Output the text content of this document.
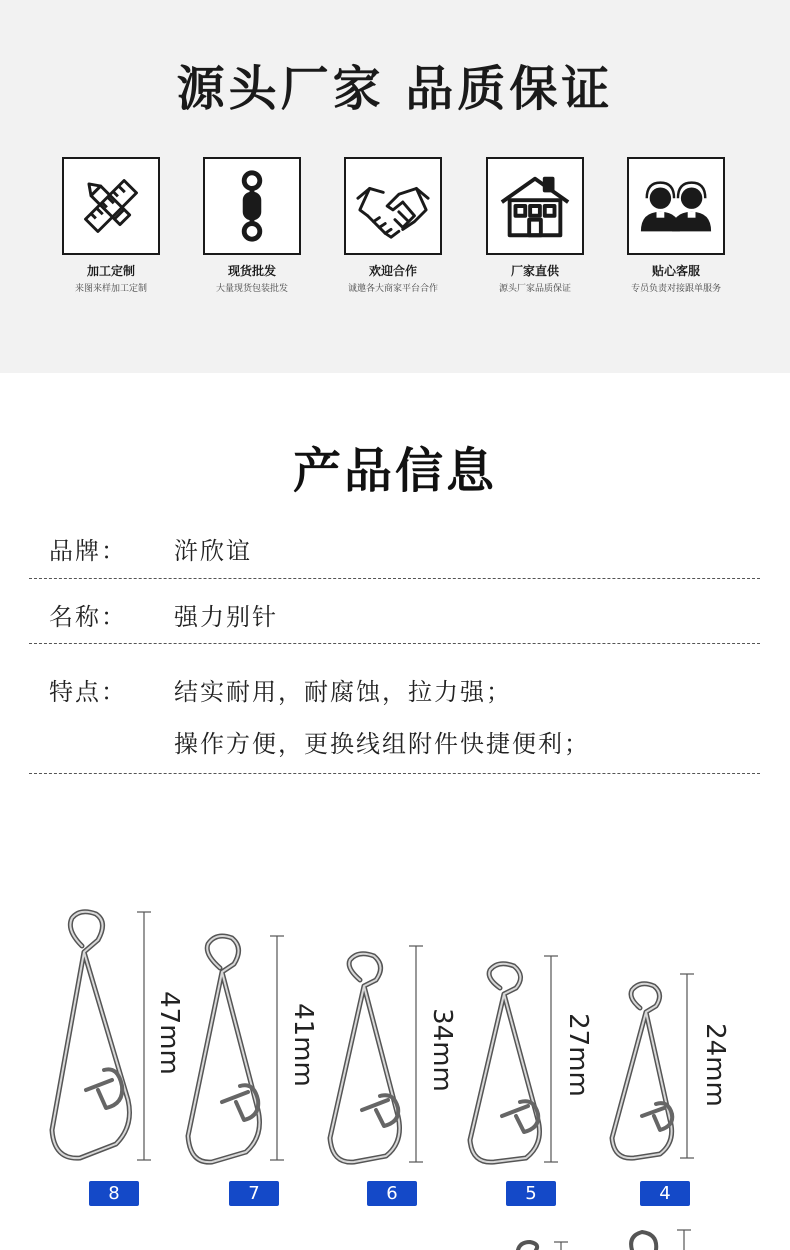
源头厂家 品质保证
加工定制
来图来样加工定制
现货批发
大量现货包装批发
欢迎合作
诚邀各大商家平台合作
厂家直供
源头厂家品质保证
贴心客服
专员负责对接跟单服务
产品信息
品牌： 浒欣谊
名称： 强力别针
特点： 结实耐用，耐腐蚀，拉力强；
操作方便，更换线组附件快捷便利；
47mm	41mm	34mm	27mm	24mm
8	7	6	5	4
